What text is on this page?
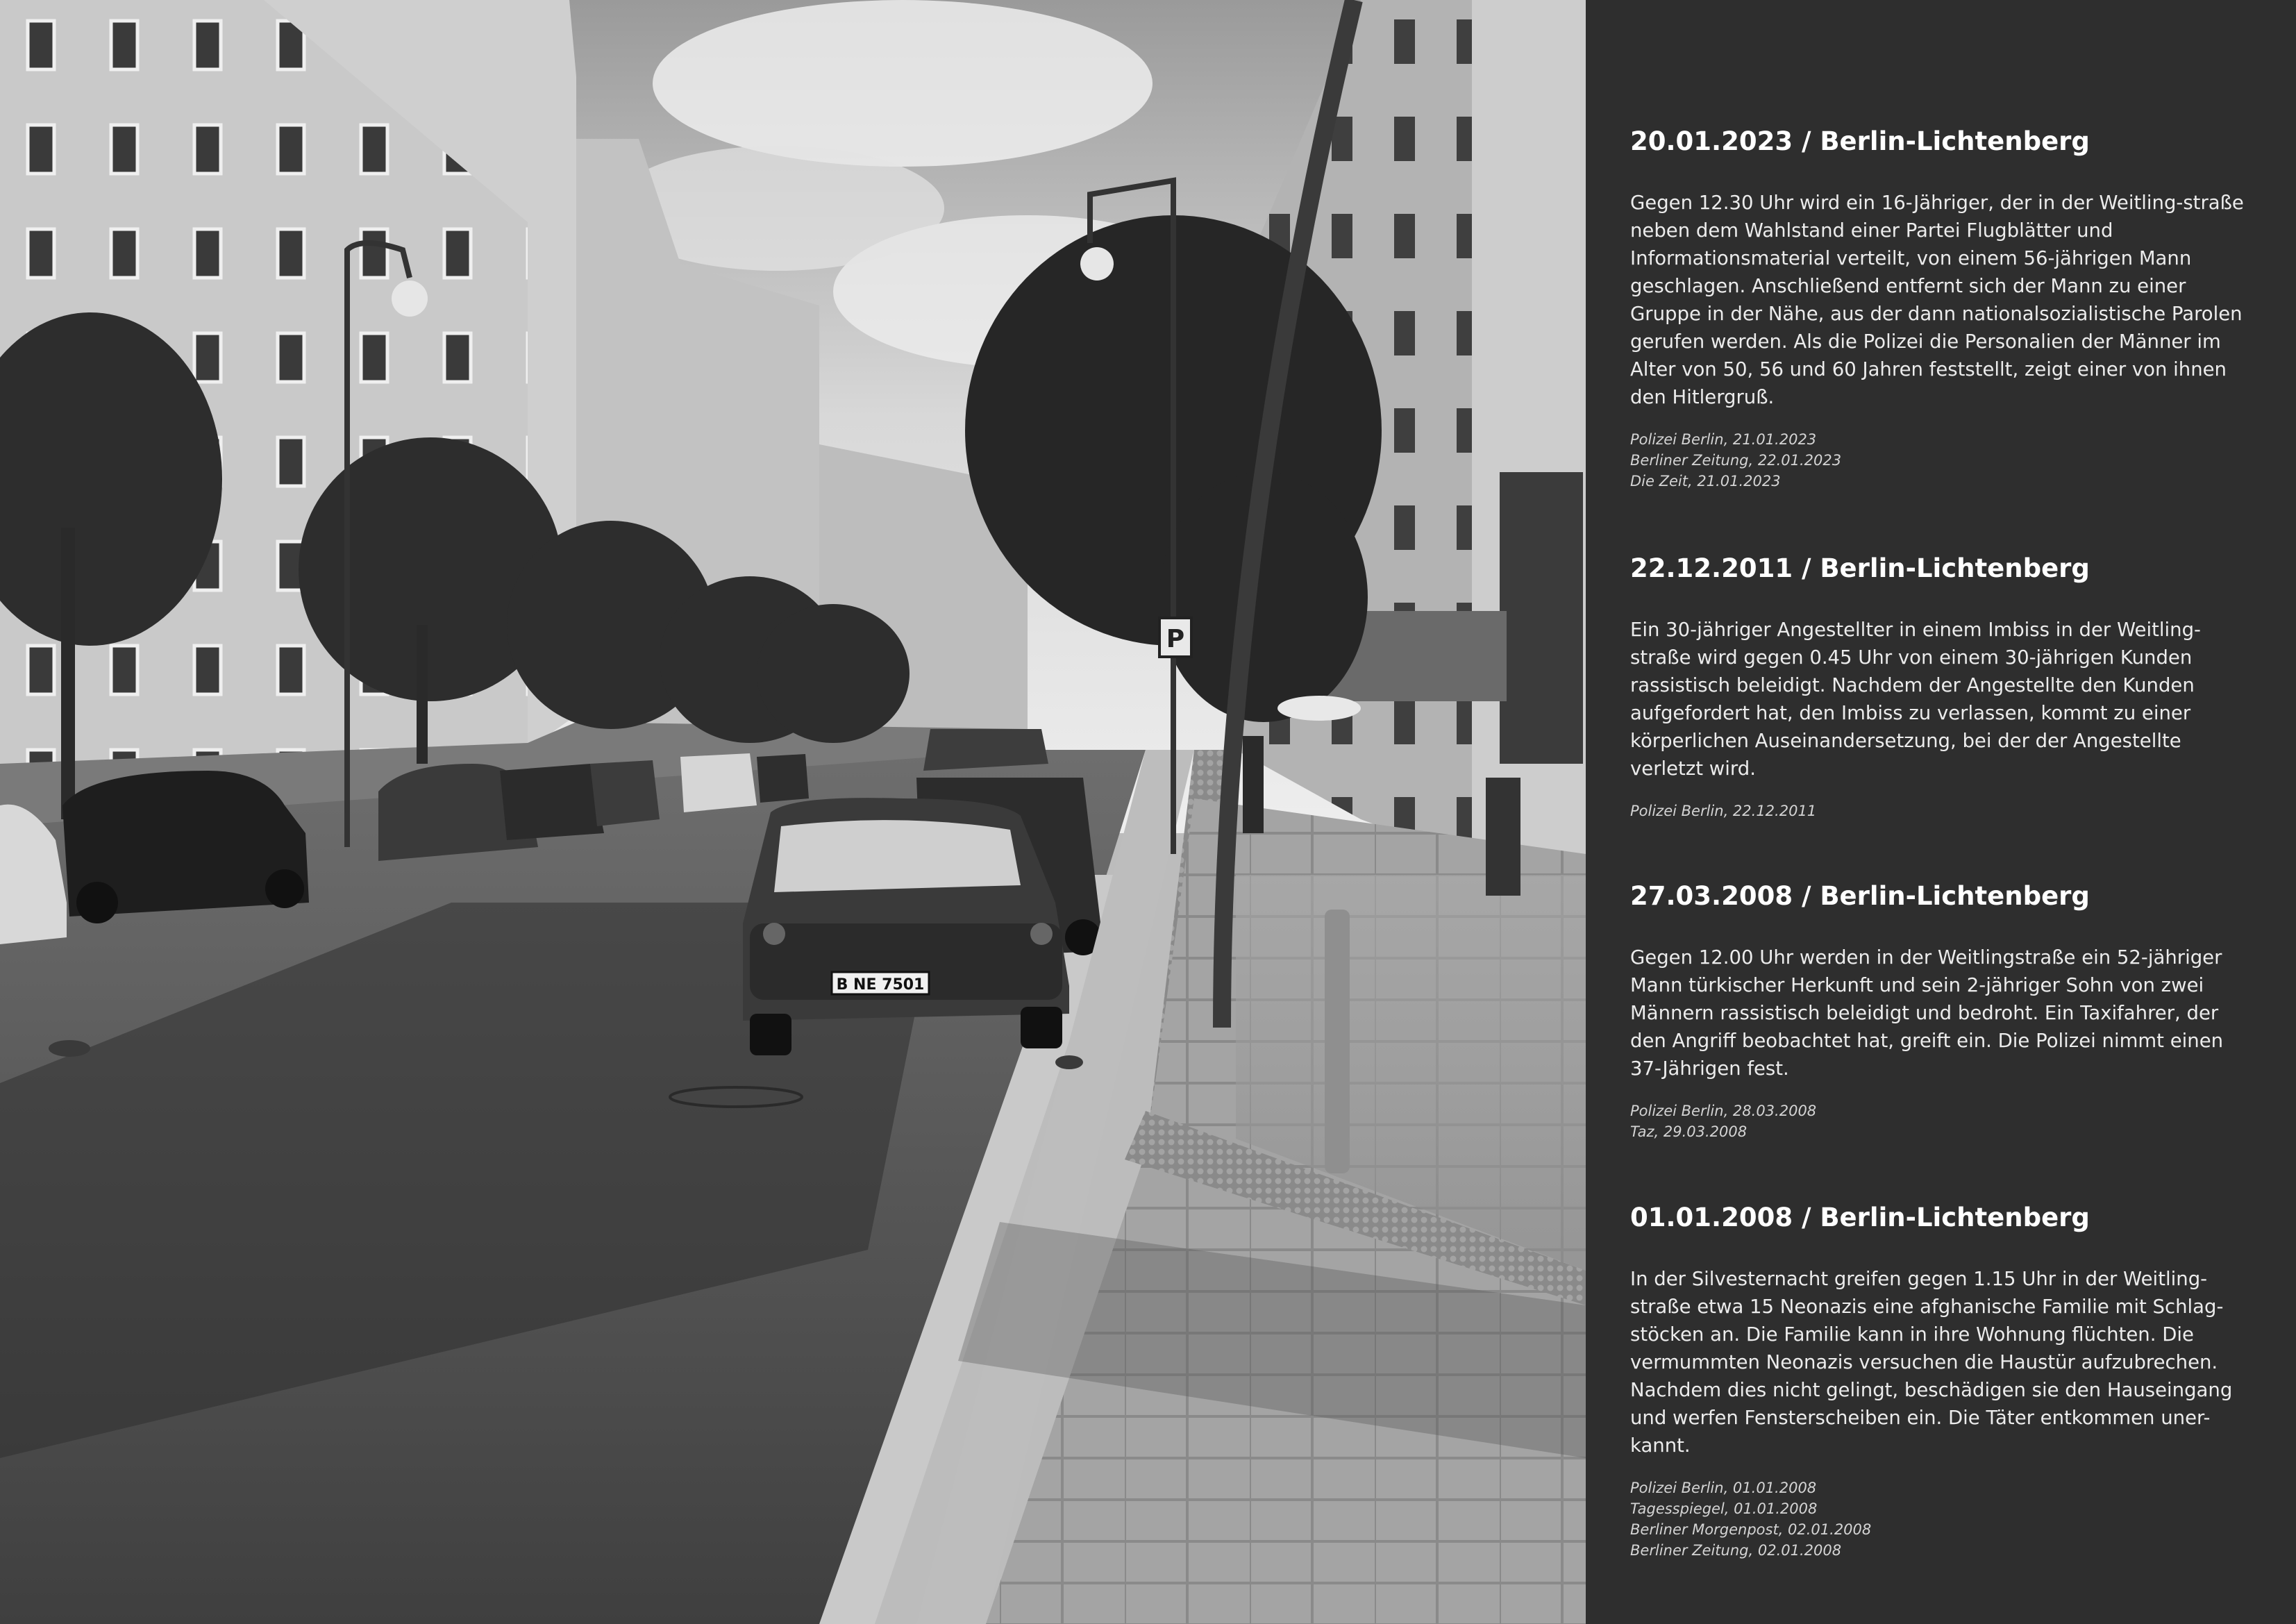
B NE 7501
P
20.01.2023 / Berlin-Lichtenberg

Gegen 12.30 Uhr wird ein 16-Jähriger, der in der Weitling-straße neben dem Wahlstand einer Partei Flugblätter und Informationsmaterial verteilt, von einem 56-jährigen Mann geschlagen. Anschließend entfernt sich der Mann zu einer Gruppe in der Nähe, aus der dann nationalsozialistische Parolen gerufen werden. Als die Polizei die Personalien der Männer im Alter von 50, 56 und 60 Jahren feststellt, zeigt einer von ihnen den Hitlergruß.

Polizei Berlin, 21.01.2023
Berliner Zeitung, 22.01.2023
Die Zeit, 21.01.2023
22.12.2011 / Berlin-Lichtenberg

Ein 30-jähriger Angestellter in einem Imbiss in der Weitling-straße wird gegen 0.45 Uhr von einem 30-jährigen Kunden rassistisch beleidigt. Nachdem der Angestellte den Kunden aufgefordert hat, den Imbiss zu verlassen, kommt zu einer körperlichen Auseinandersetzung, bei der der Angestellte verletzt wird.

Polizei Berlin, 22.12.2011
27.03.2008 / Berlin-Lichtenberg

Gegen 12.00 Uhr werden in der Weitlingstraße ein 52-jähriger Mann türkischer Herkunft und sein 2-jähriger Sohn von zwei Männern rassistisch beleidigt und bedroht. Ein Taxifahrer, der den Angriff beobachtet hat, greift ein. Die Polizei nimmt einen 37-Jährigen fest.

Polizei Berlin, 28.03.2008
Taz, 29.03.2008
01.01.2008 / Berlin-Lichtenberg

In der Silvesternacht greifen gegen 1.15 Uhr in der Weitling-straße etwa 15 Neonazis eine afghanische Familie mit Schlag-stöcken an. Die Familie kann in ihre Wohnung flüchten. Die vermummten Neonazis versuchen die Haustür aufzubrechen. Nachdem dies nicht gelingt, beschädigen sie den Hauseingang und werfen Fensterscheiben ein. Die Täter entkommen uner-kannt.

Polizei Berlin, 01.01.2008
Tagesspiegel, 01.01.2008
Berliner Morgenpost, 02.01.2008
Berliner Zeitung, 02.01.2008
